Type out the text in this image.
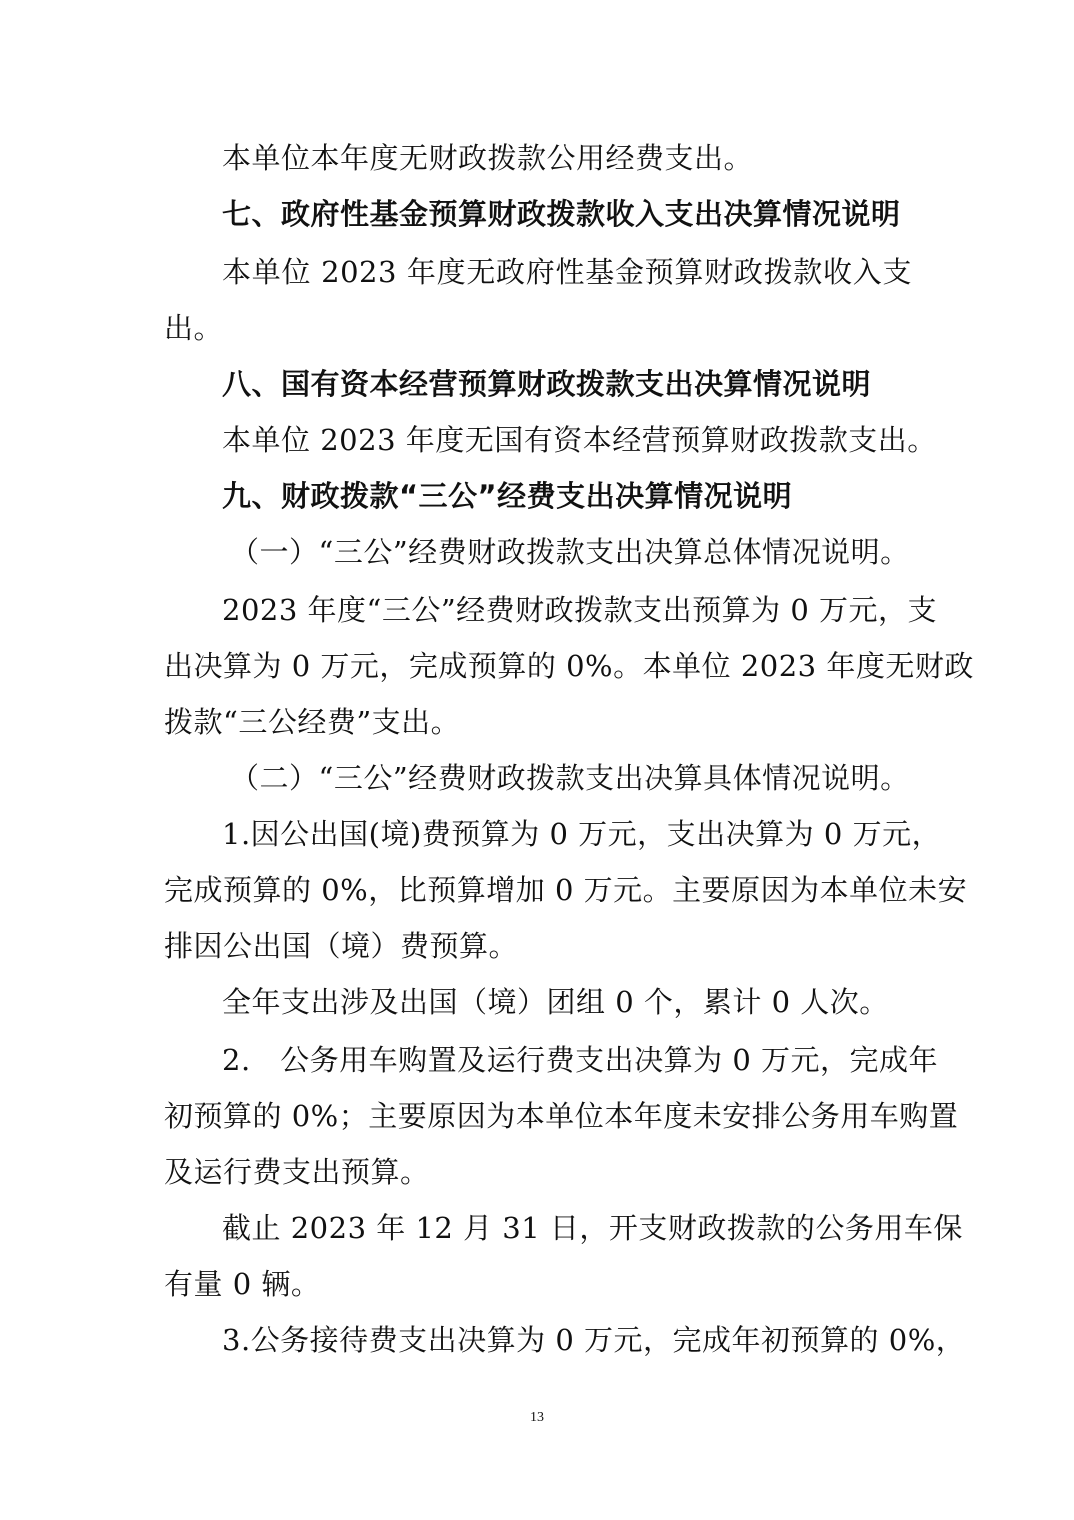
本单位本年度无财政拨款公用经费支出。
七、政府性基金预算财政拨款收入支出决算情况说明
本单位 2023 年度无政府性基金预算财政拨款收入支
出。
八、国有资本经营预算财政拨款支出决算情况说明
本单位 2023 年度无国有资本经营预算财政拨款支出。
九、财政拨款“三公”经费支出决算情况说明
（一）“三公”经费财政拨款支出决算总体情况说明。
2023 年度“三公”经费财政拨款支出预算为 0 万元，支
出决算为 0 万元，完成预算的 0%。本单位 2023 年度无财政
拨款“三公经费”支出。
（二）“三公”经费财政拨款支出决算具体情况说明。
1.因公出国(境)费预算为 0 万元，支出决算为 0 万元，
完成预算的 0%，比预算增加 0 万元。主要原因为本单位未安
排因公出国（境）费预算。
全年支出涉及出国（境）团组 0 个，累计 0 人次。
2.　公务用车购置及运行费支出决算为 0 万元，完成年
初预算的 0%；主要原因为本单位本年度未安排公务用车购置
及运行费支出预算。
截止 2023 年 12 月 31 日，开支财政拨款的公务用车保
有量 0 辆。
3.公务接待费支出决算为 0 万元，完成年初预算的 0%，
13
